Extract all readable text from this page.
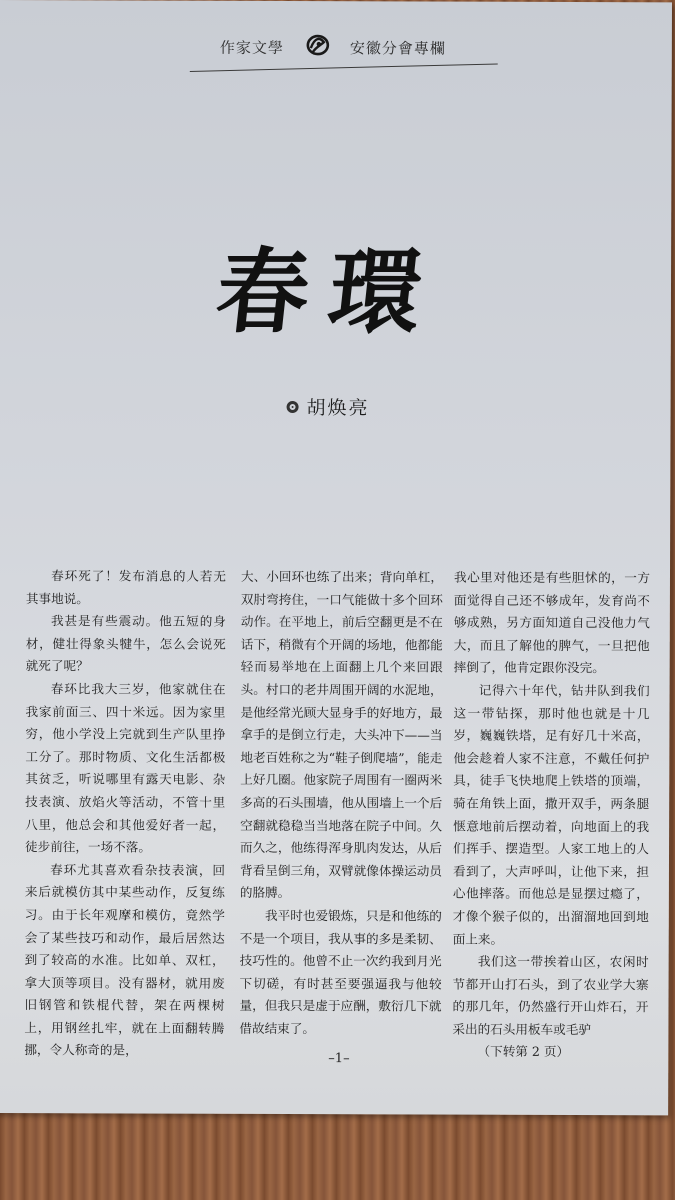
作家文學	安徽分會專欄
春環
胡焕亮

春环死了！发布消息的人若无其事地说。

我甚是有些震动。他五短的身材，健壮得象头犍牛，怎么会说死就死了呢？

春环比我大三岁，他家就住在我家前面三、四十米远。因为家里穷，他小学没上完就到生产队里挣工分了。那时物质、文化生活都极其贫乏，听说哪里有露天电影、杂技表演、放焰火等活动，不管十里八里，他总会和其他爱好者一起，徒步前往，一场不落。

春环尤其喜欢看杂技表演，回来后就模仿其中某些动作，反复练习。由于长年观摩和模仿，竟然学会了某些技巧和动作，最后居然达到了较高的水准。比如单、双杠，拿大顶等项目。没有器材，就用废旧钢管和铁棍代替，架在两棵树上，用钢丝扎牢，就在上面翻转腾挪，令人称奇的是，

大、小回环也练了出来；背向单杠，双肘弯挎住，一口气能做十多个回环动作。在平地上，前后空翻更是不在话下，稍微有个开阔的场地，他都能轻而易举地在上面翻上几个来回跟头。村口的老井周围开阔的水泥地，是他经常光顾大显身手的好地方，最拿手的是倒立行走，大头冲下——当地老百姓称之为“鞋子倒爬墙”，能走上好几圈。他家院子周围有一圈两米多高的石头围墙，他从围墙上一个后空翻就稳稳当当地落在院子中间。久而久之，他练得浑身肌肉发达，从后背看呈倒三角，双臂就像体操运动员的胳膊。

我平时也爱锻炼，只是和他练的不是一个项目，我从事的多是柔韧、技巧性的。他曾不止一次约我到月光下切磋，有时甚至要强逼我与他较量，但我只是虚于应酬，敷衍几下就借故结束了。

我心里对他还是有些胆怵的，一方面觉得自己还不够成年，发育尚不够成熟，另方面知道自己没他力气大，而且了解他的脾气，一旦把他摔倒了，他肯定跟你没完。

记得六十年代，钻井队到我们这一带钻探，那时他也就是十几岁，巍巍铁塔，足有好几十米高，他会趁着人家不注意，不戴任何护具，徒手飞快地爬上铁塔的顶端，骑在角铁上面，撒开双手，两条腿惬意地前后摆动着，向地面上的我们挥手、摆造型。人家工地上的人看到了，大声呼叫，让他下来，担心他摔落。而他总是显摆过瘾了，才像个猴子似的，出溜溜地回到地面上来。

我们这一带挨着山区，农闲时节都开山打石头，到了农业学大寨的那几年，仍然盛行开山炸石，开采出的石头用板车或毛驴

（下转第 2 页）

–1–
